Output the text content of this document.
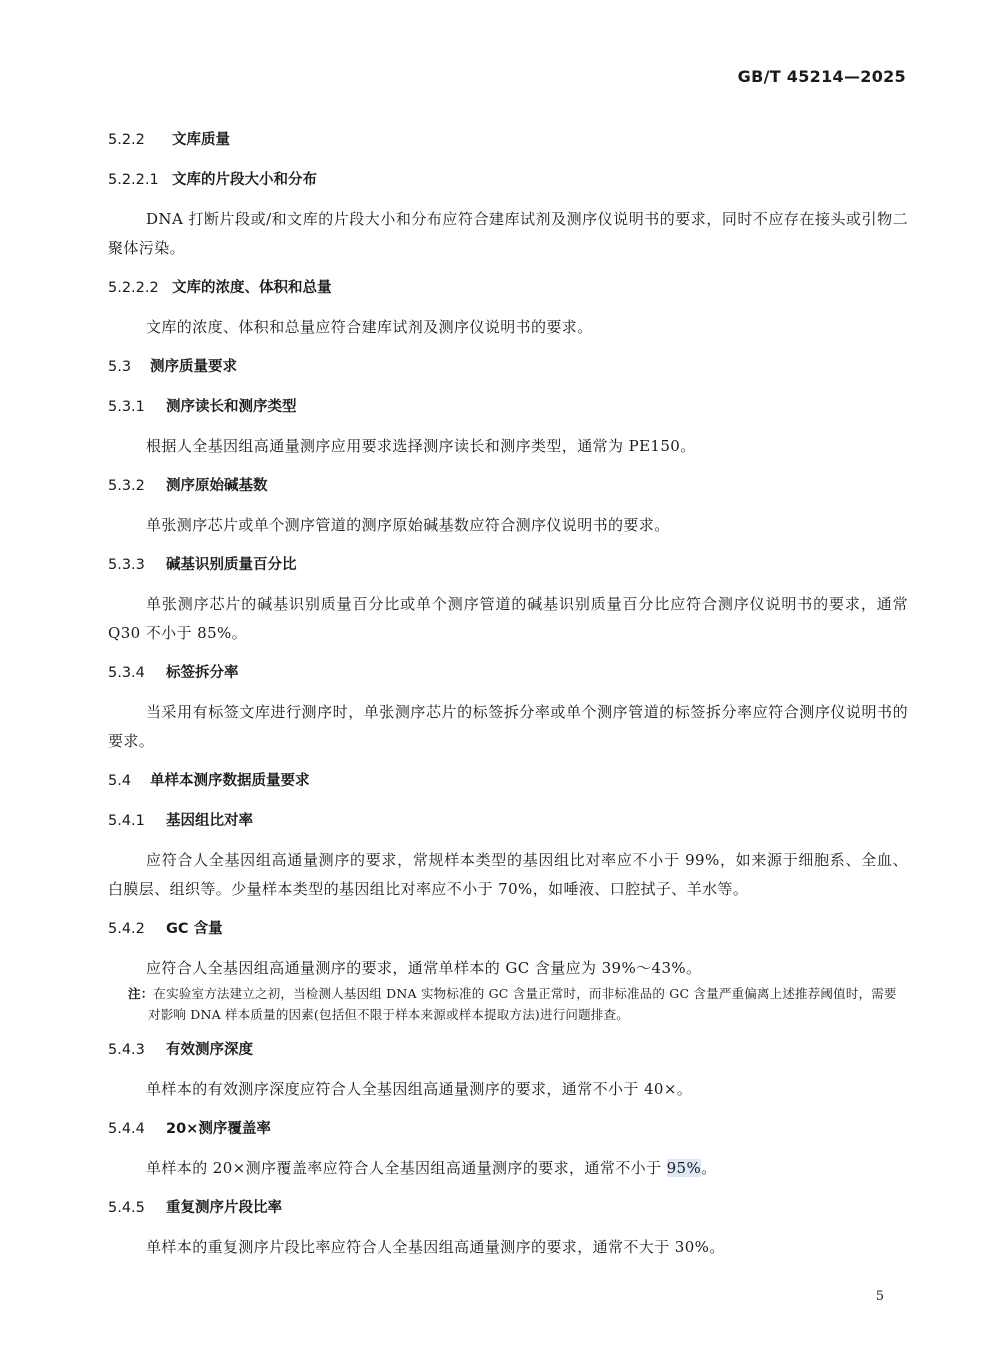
GB/T 45214—2025
5.2.2 文库质量
5.2.2.1 文库的片段大小和分布

DNA 打断片段或/和文库的片段大小和分布应符合建库试剂及测序仪说明书的要求，同时不应存在接头或引物二聚体污染。

5.2.2.2 文库的浓度、体积和总量

文库的浓度、体积和总量应符合建库试剂及测序仪说明书的要求。

5.3 测序质量要求
5.3.1 测序读长和测序类型

根据人全基因组高通量测序应用要求选择测序读长和测序类型，通常为 PE150。

5.3.2 测序原始碱基数

单张测序芯片或单个测序管道的测序原始碱基数应符合测序仪说明书的要求。

5.3.3 碱基识别质量百分比

单张测序芯片的碱基识别质量百分比或单个测序管道的碱基识别质量百分比应符合测序仪说明书的要求，通常 Q30 不小于 85%。

5.3.4 标签拆分率

当采用有标签文库进行测序时，单张测序芯片的标签拆分率或单个测序管道的标签拆分率应符合测序仪说明书的要求。

5.4 单样本测序数据质量要求
5.4.1 基因组比对率

应符合人全基因组高通量测序的要求，常规样本类型的基因组比对率应不小于 99%，如来源于细胞系、全血、白膜层、组织等。少量样本类型的基因组比对率应不小于 70%，如唾液、口腔拭子、羊水等。

5.4.2 GC 含量

应符合人全基因组高通量测序的要求，通常单样本的 GC 含量应为 39%～43%。

注：在实验室方法建立之初，当检测人基因组 DNA 实物标准的 GC 含量正常时，而非标准品的 GC 含量严重偏离上述推荐阈值时，需要对影响 DNA 样本质量的因素(包括但不限于样本来源或样本提取方法)进行问题排查。

5.4.3 有效测序深度

单样本的有效测序深度应符合人全基因组高通量测序的要求，通常不小于 40×。

5.4.4 20×测序覆盖率

单样本的 20×测序覆盖率应符合人全基因组高通量测序的要求，通常不小于 95%。

5.4.5 重复测序片段比率

单样本的重复测序片段比率应符合人全基因组高通量测序的要求，通常不大于 30%。

5
